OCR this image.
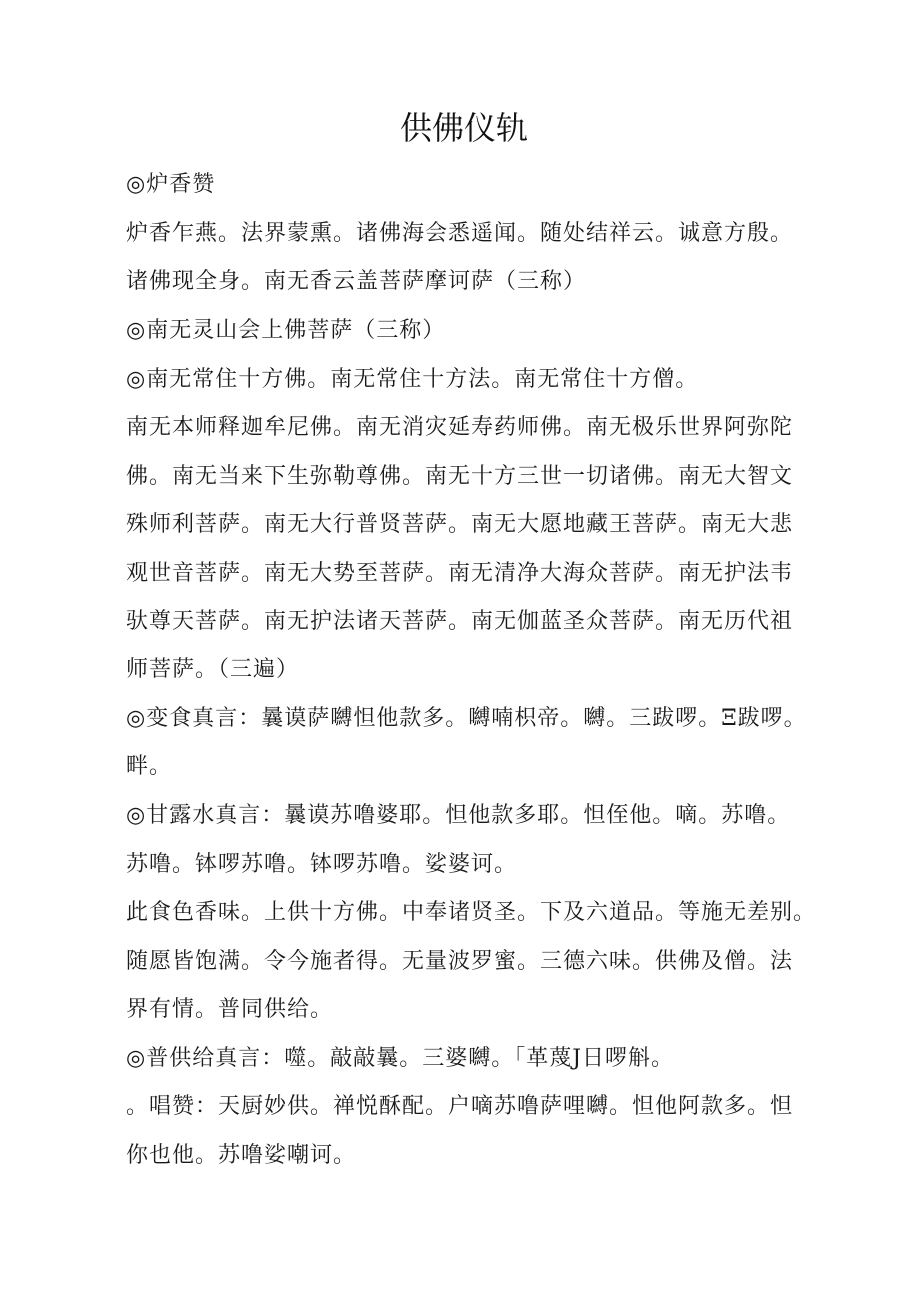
供佛仪轨
◎炉香赞
炉香乍燕。法界蒙熏。诸佛海会悉遥闻。随处结祥云。诚意方殷。
诸佛现全身。南无香云盖菩萨摩诃萨（三称）
◎南无灵山会上佛菩萨（三称）
◎南无常住十方佛。南无常住十方法。南无常住十方僧。
南无本师释迦牟尼佛。南无消灾延寿药师佛。南无极乐世界阿弥陀
佛。南无当来下生弥勒尊佛。南无十方三世一切诸佛。南无大智文
殊师利菩萨。南无大行普贤菩萨。南无大愿地藏王菩萨。南无大悲
观世音菩萨。南无大势至菩萨。南无清净大海众菩萨。南无护法韦
驮尊天菩萨。南无护法诸天菩萨。南无伽蓝圣众菩萨。南无历代祖
师菩萨。（三遍）
◎变食真言：曩谟萨嚩怛他款多。嚩喃枳帝。嚩。三跋啰。Ξ跋啰。
畔。
◎甘露水真言：曩谟苏噜婆耶。怛他款多耶。怛侄他。嘀。苏噜。
苏噜。钵啰苏噜。钵啰苏噜。娑婆诃。
此食色香味。上供十方佛。中奉诸贤圣。下及六道品。等施无差别。
随愿皆饱满。令今施者得。无量波罗蜜。三德六味。供佛及僧。法
界有情。普同供给。
◎普供给真言：噬。敲敲曩。三婆嚩。「革蔑J日啰斛。
。唱赞：天厨妙供。禅悦酥配。户嘀苏噜萨哩嚩。怛他阿款多。怛
你也他。苏噜娑嘲诃。
